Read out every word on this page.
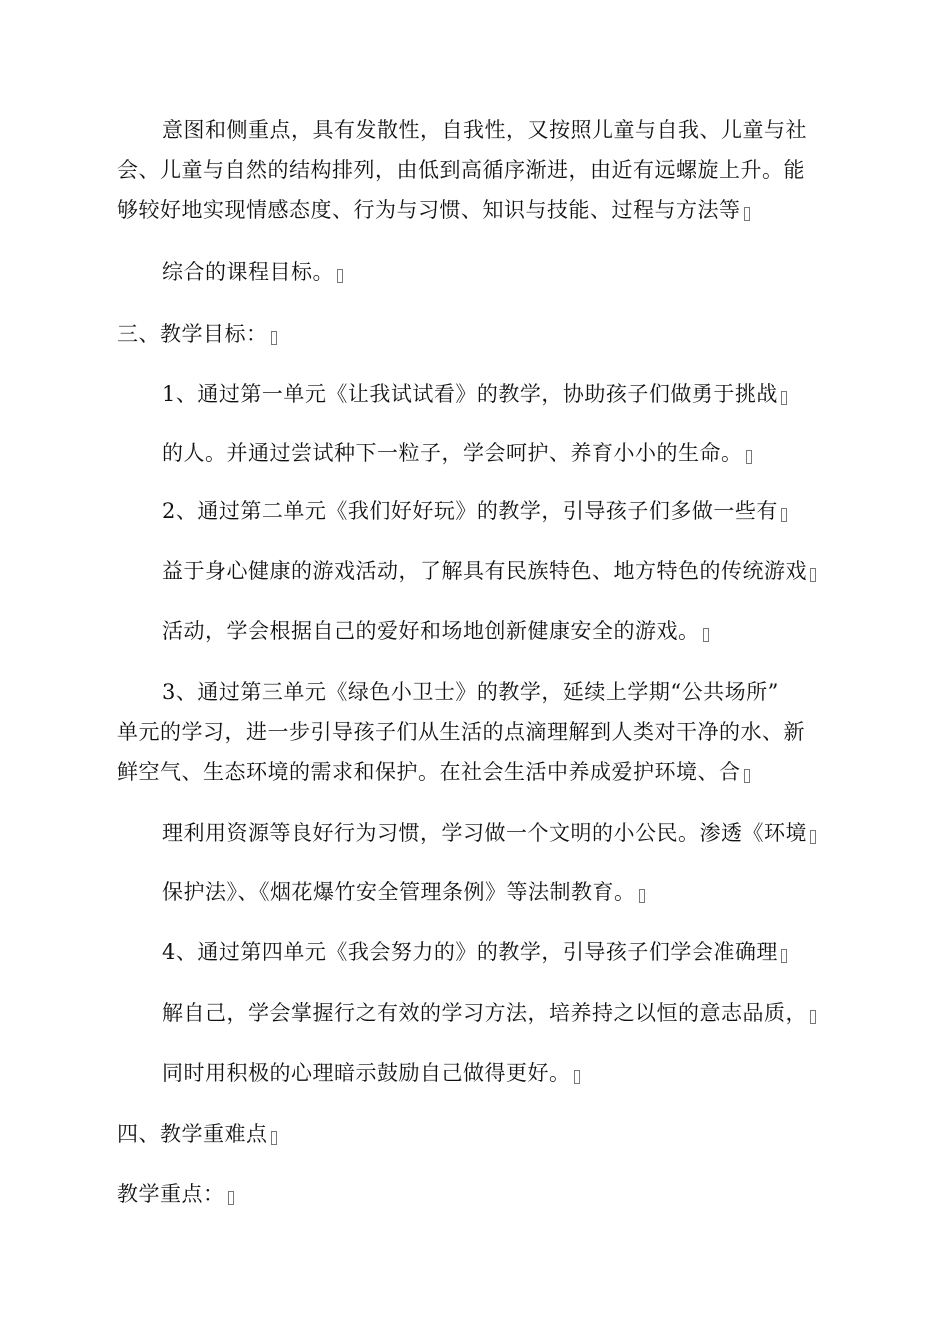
意图和侧重点，具有发散性，自我性，又按照儿童与自我、儿童与社
会、儿童与自然的结构排列，由低到高循序渐进，由近有远螺旋上升。能
够较好地实现情感态度、行为与习惯、知识与技能、过程与方法等
综合的课程目标。
三、教学目标：
1、通过第一单元《让我试试看》的教学，协助孩子们做勇于挑战
的人。并通过尝试种下一粒子，学会呵护、养育小小的生命。
2、通过第二单元《我们好好玩》的教学，引导孩子们多做一些有
益于身心健康的游戏活动，了解具有民族特色、地方特色的传统游戏
活动，学会根据自己的爱好和场地创新健康安全的游戏。
3、通过第三单元《绿色小卫士》的教学，延续上学期“公共场所”
单元的学习，进一步引导孩子们从生活的点滴理解到人类对干净的水、新
鲜空气、生态环境的需求和保护。在社会生活中养成爱护环境、合
理利用资源等良好行为习惯，学习做一个文明的小公民。渗透《环境
保护法》、《烟花爆竹安全管理条例》等法制教育。
4、通过第四单元《我会努力的》的教学，引导孩子们学会准确理
解自己，学会掌握行之有效的学习方法，培养持之以恒的意志品质，
同时用积极的心理暗示鼓励自己做得更好。
四、教学重难点
教学重点：
